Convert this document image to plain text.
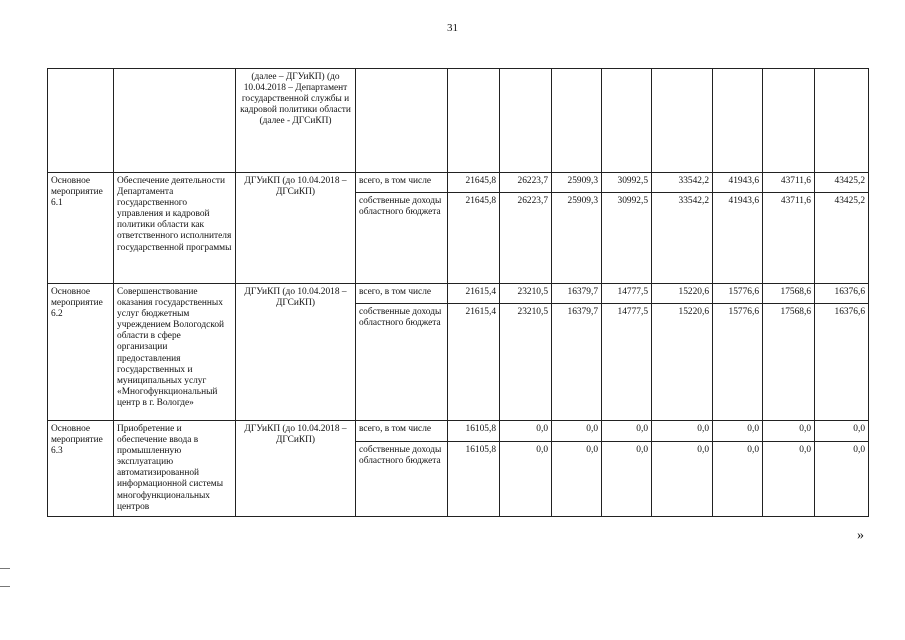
31
		(далее – ДГУиКП) (до 10.04.2018 – Департамент государственной службы и кадровой политики области (далее - ДГСиКП)									
Основное мероприятие 6.1	Обеспечение деятельности Департамента государственного управления и кадровой политики области как ответственного исполнителя государственной программы	ДГУиКП (до 10.04.2018 – ДГСиКП)	всего, в том числе	21645,8	26223,7	25909,3	30992,5	33542,2	41943,6	43711,6	43425,2
			собственные доходы областного бюджета	21645,8	26223,7	25909,3	30992,5	33542,2	41943,6	43711,6	43425,2
Основное мероприятие 6.2	Совершенствование оказания государственных услуг бюджетным учреждением Вологодской области в сфере организации предоставления государственных и муниципальных услуг «Многофункциональный центр в г. Вологде»	ДГУиКП (до 10.04.2018 – ДГСиКП)	всего, в том числе	21615,4	23210,5	16379,7	14777,5	15220,6	15776,6	17568,6	16376,6
			собственные доходы областного бюджета	21615,4	23210,5	16379,7	14777,5	15220,6	15776,6	17568,6	16376,6
Основное мероприятие 6.3	Приобретение и обеспечение ввода в промышленную эксплуатацию автоматизированной информационной системы многофункциональных центров	ДГУиКП (до 10.04.2018 – ДГСиКП)	всего, в том числе	16105,8	0,0	0,0	0,0	0,0	0,0	0,0	0,0
			собственные доходы областного бюджета	16105,8	0,0	0,0	0,0	0,0	0,0	0,0	0,0
»
